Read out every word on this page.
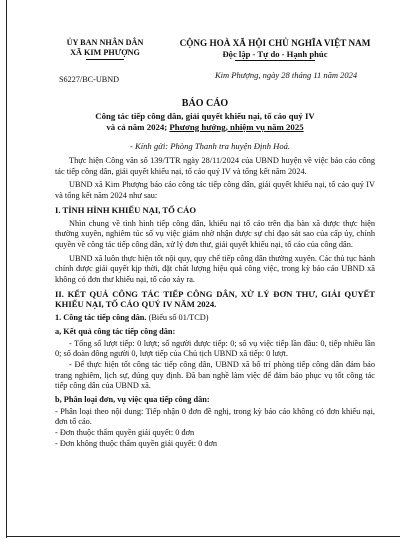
ỦY BAN NHÂN DÂN
XÃ KIM PHƯỢNG
S6227/BC-UBND
CỘNG HOÀ XÃ HỘI CHỦ NGHĨA VIỆT NAM
Độc lập - Tự do - Hạnh phúc
Kim Phượng, ngày 28 tháng 11 năm 2024
BÁO CÁO
Công tác tiếp công dân, giải quyết khiếu nại, tố cáo quý IV
và cả năm 2024; Phương hướng, nhiệm vụ năm 2025
- Kính gửi: Phòng Thanh tra huyện Định Hoá.

Thực hiện Công văn số 139/TTR ngày 28/11/2024 của UBND huyện về việc báo cáo công tác tiếp công dân, giải quyết khiếu nại, tố cáo quý IV và tổng kết năm 2024.

UBND xã Kim Phượng báo cáo công tác tiếp công dân, giải quyết khiếu nại, tố cáo quý IV và tổng kết năm 2024 như sau:

I. TÌNH HÌNH KHIẾU NẠI, TỐ CÁO

Nhìn chung về tình hình tiếp công dân, khiếu nại tố cáo trên địa bàn xã được thực hiện thường xuyên, nghiêm túc số vụ việc giảm nhờ nhận được sự chỉ đạo sát sao của cấp ủy, chính quyền về công tác tiếp công dân, xử lý đơn thư, giải quyết khiếu nại, tố cáo của công dân.

UBND xã luôn thực hiện tốt nội quy, quy chế tiếp công dân thường xuyên. Các thủ tục hành chính được giải quyết kịp thời, đặt chất lượng hiệu quả công việc, trong kỳ báo cáo UBND xã không có đơn thư khiếu nại, tố cáo xảy ra.

II. KẾT QUẢ CÔNG TÁC TIẾP CÔNG DÂN, XỬ LÝ ĐƠN THƯ, GIẢI QUYẾT KHIẾU NẠI, TỐ CÁO QUÝ IV NĂM 2024.
1. Công tác tiếp công dân. (Biểu số 01/TCD)
a, Kết quả công tác tiếp công dân:

- Tổng số lượt tiếp: 0 lượt; số người được tiếp: 0; số vụ việc tiếp lần đầu: 0, tiếp nhiều lần 0; số đoàn đông người 0, lượt tiếp của Chủ tịch UBND xã tiếp: 0 lượt.

- Để thực hiện tốt công tác tiếp công dân, UBND xã bố trí phòng tiếp công dân đảm bảo trang nghiêm, lịch sự, đúng quy định. Đã ban nghề làm việc để đảm bảo phục vụ tốt công tác tiếp công dân của UBND xã.

b, Phân loại đơn, vụ việc qua tiếp công dân:

- Phân loại theo nội dung: Tiếp nhận 0 đơn đề nghị, trong kỳ báo cáo không có đơn khiếu nại, đơn tố cáo.

- Đơn thuộc thẩm quyền giải quyết: 0 đơn

- Đơn không thuộc thẩm quyền giải quyết: 0 đơn
